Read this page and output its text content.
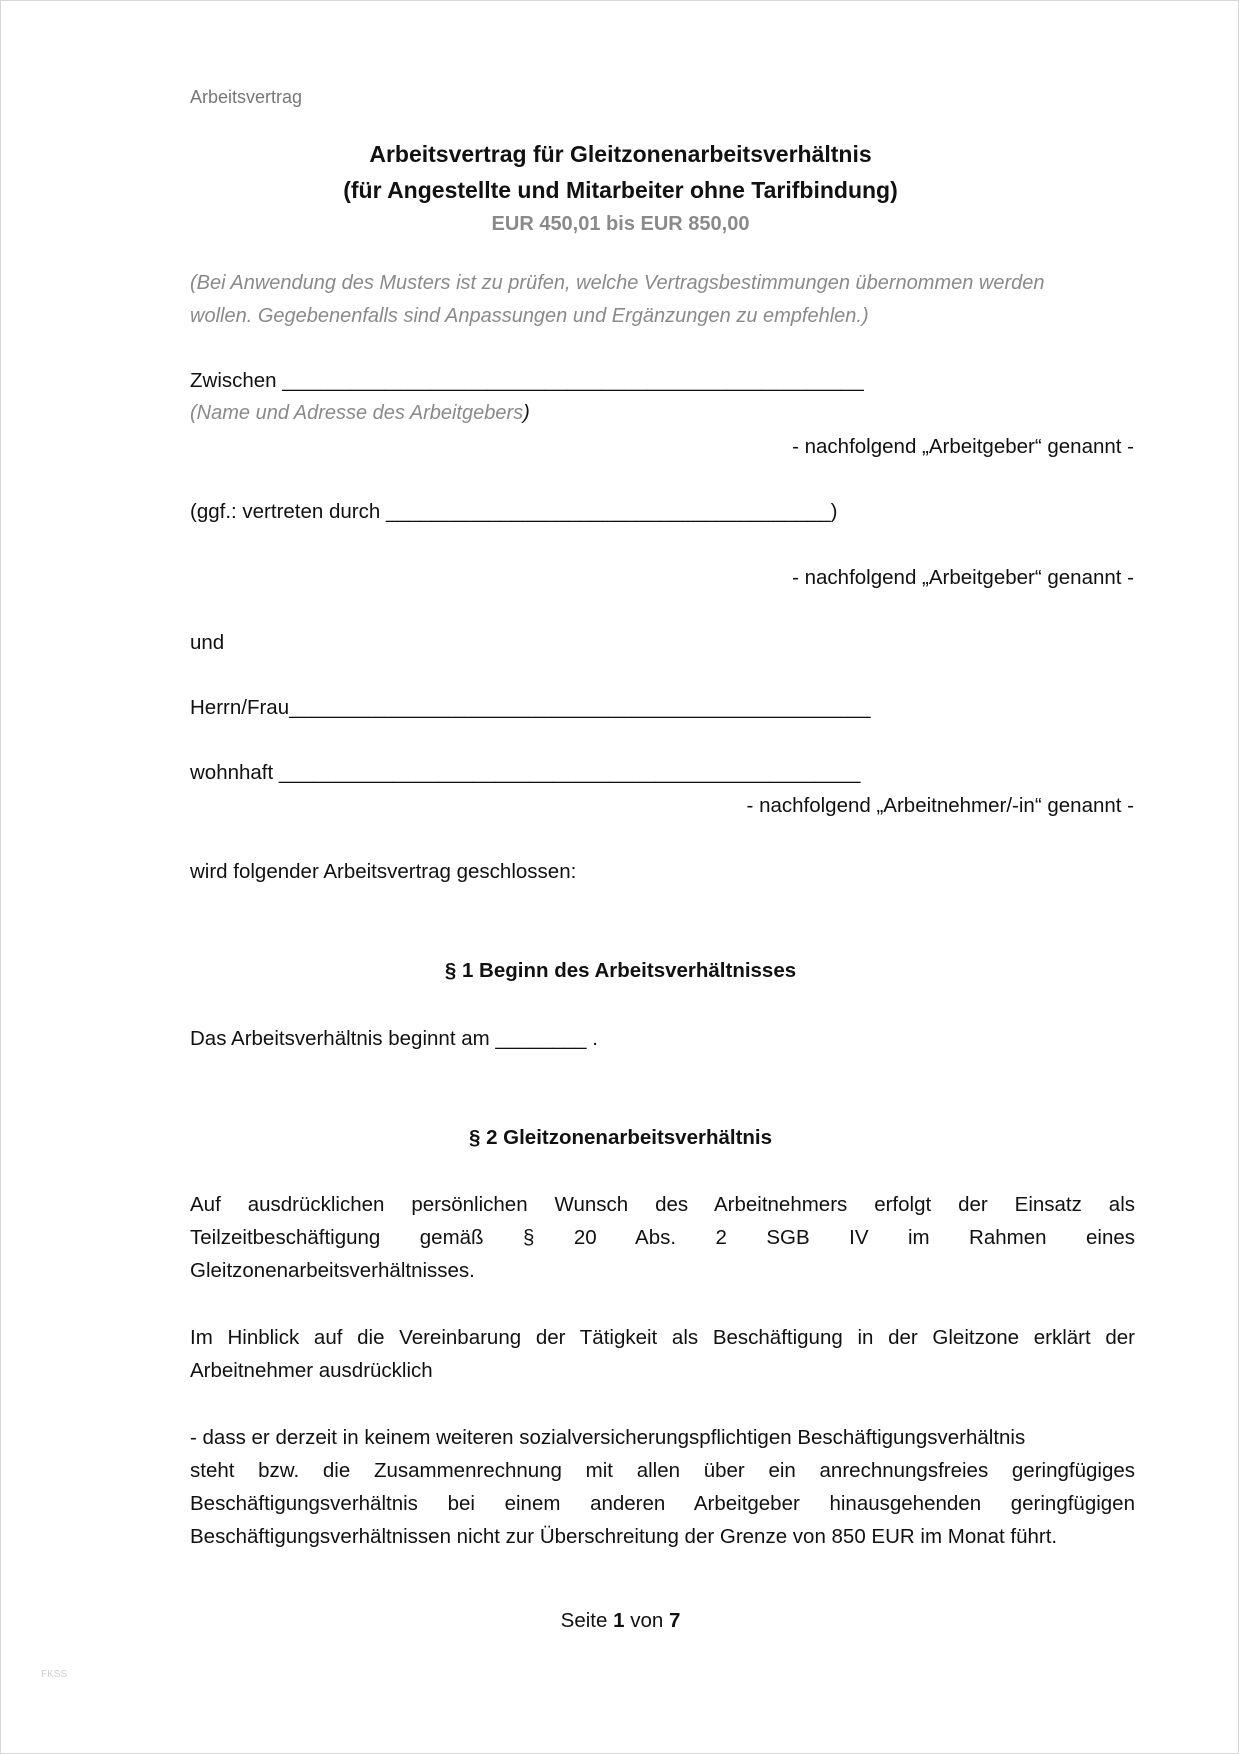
Arbeitsvertrag
Arbeitsvertrag für Gleitzonenarbeitsverhältnis
(für Angestellte und Mitarbeiter ohne Tarifbindung)
EUR 450,01 bis EUR 850,00
(Bei Anwendung des Musters ist zu prüfen, welche Vertragsbestimmungen übernommen werden
wollen. Gegebenenfalls sind Anpassungen und Ergänzungen zu empfehlen.)
Zwischen ___________________________________________________
(Name und Adresse des Arbeitgebers)
- nachfolgend „Arbeitgeber“ genannt -
(ggf.: vertreten durch _______________________________________)
- nachfolgend „Arbeitgeber“ genannt -
und
Herrn/Frau___________________________________________________
wohnhaft ___________________________________________________
- nachfolgend „Arbeitnehmer/-in“ genannt -
wird folgender Arbeitsvertrag geschlossen:
§ 1 Beginn des Arbeitsverhältnisses
Das Arbeitsverhältnis beginnt am ________ .
§ 2 Gleitzonenarbeitsverhältnis
Auf ausdrücklichen persönlichen Wunsch des Arbeitnehmers erfolgt der Einsatz als
Teilzeitbeschäftigung gemäß § 20 Abs. 2 SGB IV im Rahmen eines
Gleitzonenarbeitsverhältnisses.
Im Hinblick auf die Vereinbarung der Tätigkeit als Beschäftigung in der Gleitzone erklärt der
Arbeitnehmer ausdrücklich
- dass er derzeit in keinem weiteren sozialversicherungspflichtigen Beschäftigungsverhältnis
steht bzw. die Zusammenrechnung mit allen über ein anrechnungsfreies geringfügiges
Beschäftigungsverhältnis bei einem anderen Arbeitgeber hinausgehenden geringfügigen
Beschäftigungsverhältnissen nicht zur Überschreitung der Grenze von 850 EUR im Monat führt.
Seite 1 von 7
FKSS
